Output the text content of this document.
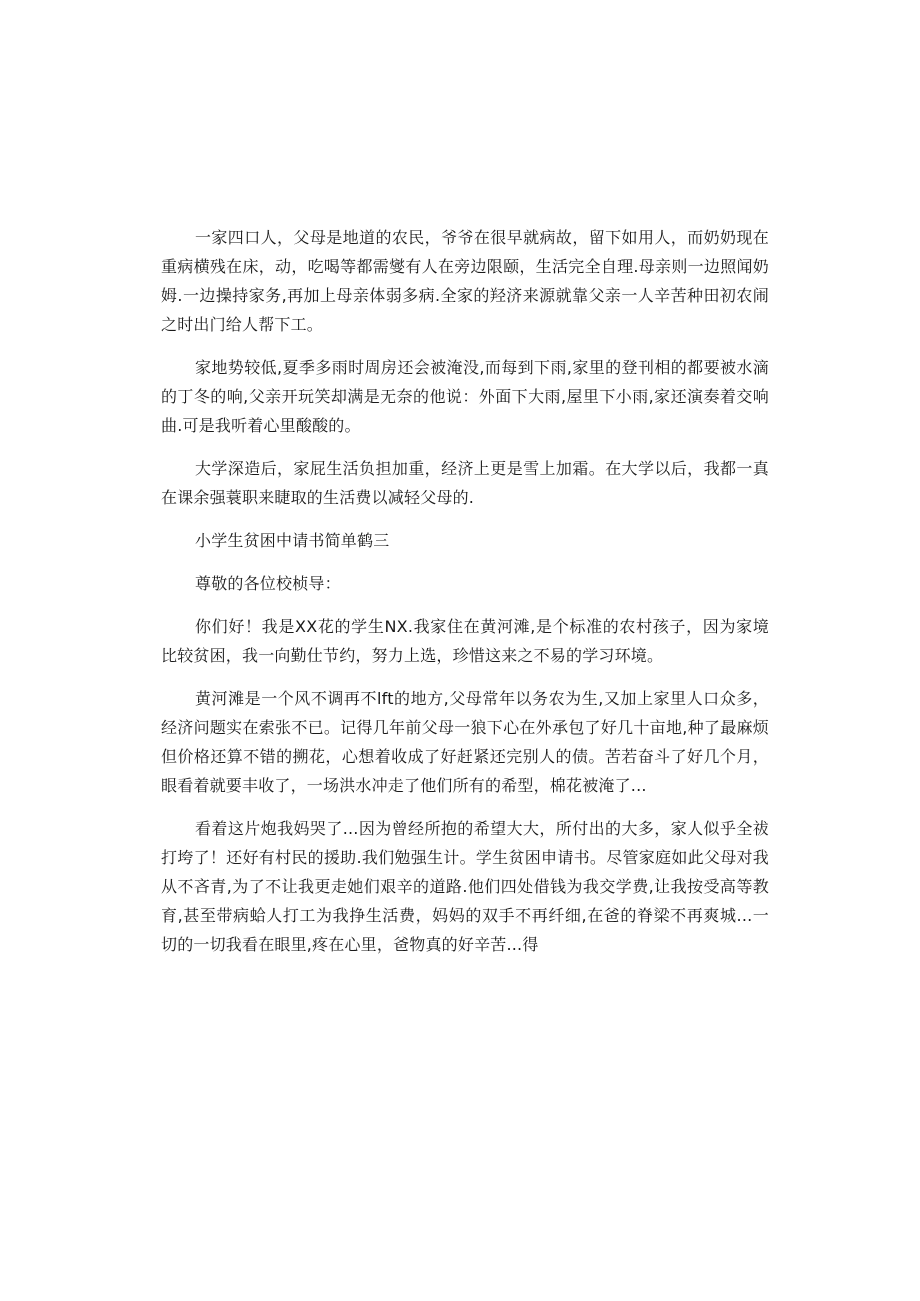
一家四口人，父母是地道的农民，爷爷在很早就病故，留下如用人，而奶奶现在重病横残在床，动，吃喝等都需燮有人在旁边限颐，生活完全自理.母亲则一边照闻奶姆.一边操持家务,再加上母亲体弱多病.全家的羟济来源就靠父亲一人辛苦种田初农闹之时出门给人帮下工。

家地势较低,夏季多雨时周房还会被淹没,而每到下雨,家里的登刊相的都要被水滴的丁冬的响,父亲开玩笑却满是无奈的他说：外面下大雨,屋里下小雨,家还演奏着交响曲.可是我听着心里酸酸的。

大学深造后，家屁生活负担加重，经济上更是雪上加霜。在大学以后，我都一真在课余强蓑职来睫取的生活费以减轻父母的.

小学生贫困中请书简单鹤三

尊敬的各位校桢导：

你们好！我是XX花的学生NX.我家住在黄河滩,是个标准的农村孩子，因为家境比较贫困，我一向勤仕节约，努力上选，珍惜这来之不易的学习环境。

黄河滩是一个风不调再不lft的地方,父母常年以务农为生,又加上家里人口众多，经济问题实在索张不已。记得几年前父母一狼下心在外承包了好几十亩地,种了最麻烦但价格还算不错的搠花，心想着收成了好赶紧还完别人的债。苦若奋斗了好几个月，眼看着就要丰收了，一场洪水冲走了他们所有的希型，棉花被淹了...

看着这片炮我妈哭了...因为曾经所抱的希望大大，所付出的大多，家人似乎全祓打垮了！还好有村民的援助.我们勉强生计。学生贫困申请书。尽管家庭如此父母对我从不吝青,为了不让我更走她们艰辛的道路.他们四处借钱为我交学费,让我按受高等教育,甚至带病蛤人打工为我挣生活费，妈妈的双手不再纤细,在爸的脊梁不再爽城...一切的一切我看在眼里,疼在心里，爸物真的好辛苦...得
